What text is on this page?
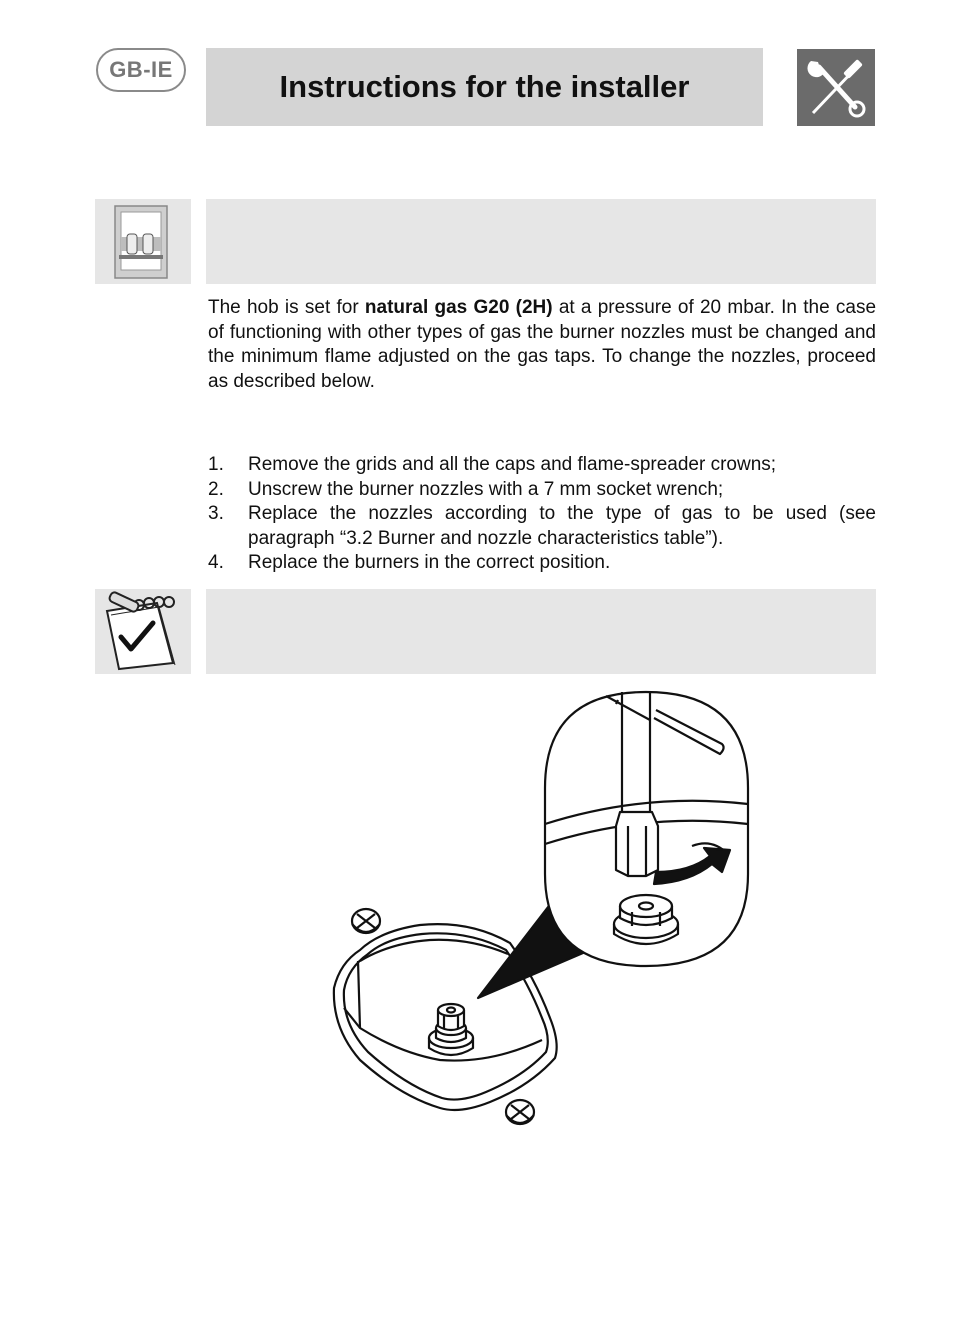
GB-IE	Instructions for the installer

The hob is set for natural gas G20 (2H) at a pressure of 20 mbar. In the case of functioning with other types of gas the burner nozzles must be changed and the minimum flame adjusted on the gas taps. To change the nozzles, proceed as described below.

1.	Remove the grids and all the caps and flame-spreader crowns;
2.	Unscrew the burner nozzles with a 7 mm socket wrench;
3.	Replace the nozzles according to the type of gas to be used (see paragraph “3.2 Burner and nozzle characteristics table”).
4.	Replace the burners in the correct position.
